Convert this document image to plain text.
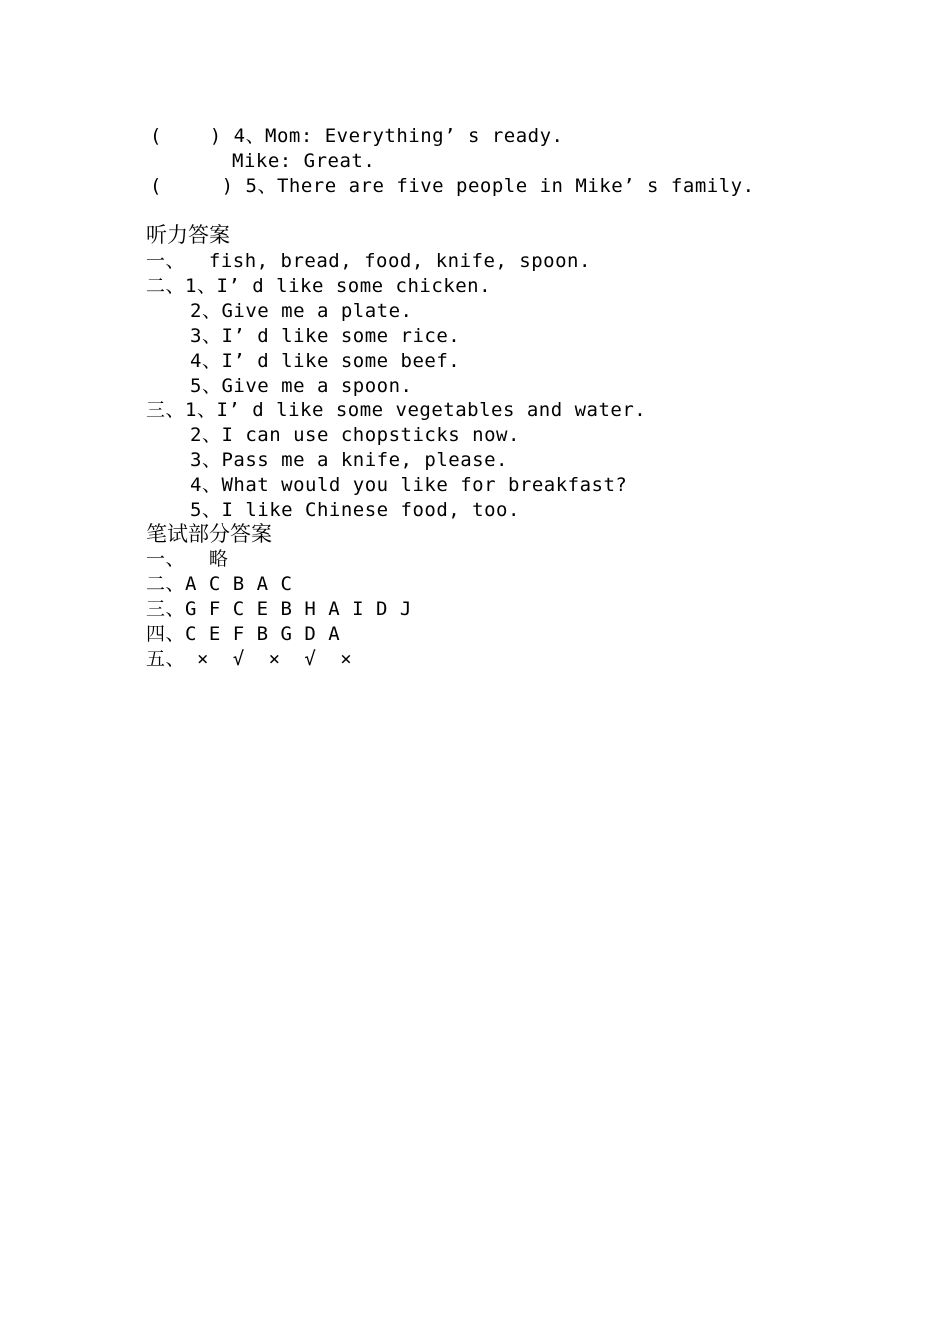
(    ) 4、Mom: Everything’ s ready.
Mike: Great.
(     ) 5、There are five people in Mike’ s family.
听力答案
一、  fish, bread, food, knife, spoon.
二、1、I’ d like some chicken.
2、Give me a plate.
3、I’ d like some rice.
4、I’ d like some beef.
5、Give me a spoon.
三、1、I’ d like some vegetables and water.
2、I can use chopsticks now.
3、Pass me a knife, please.
4、What would you like for breakfast?
5、I like Chinese food, too.
笔试部分答案
一、  略
二、A C B A C
三、G F C E B H A I D J
四、C E F B G D A
五、 ×  √  ×  √  ×
